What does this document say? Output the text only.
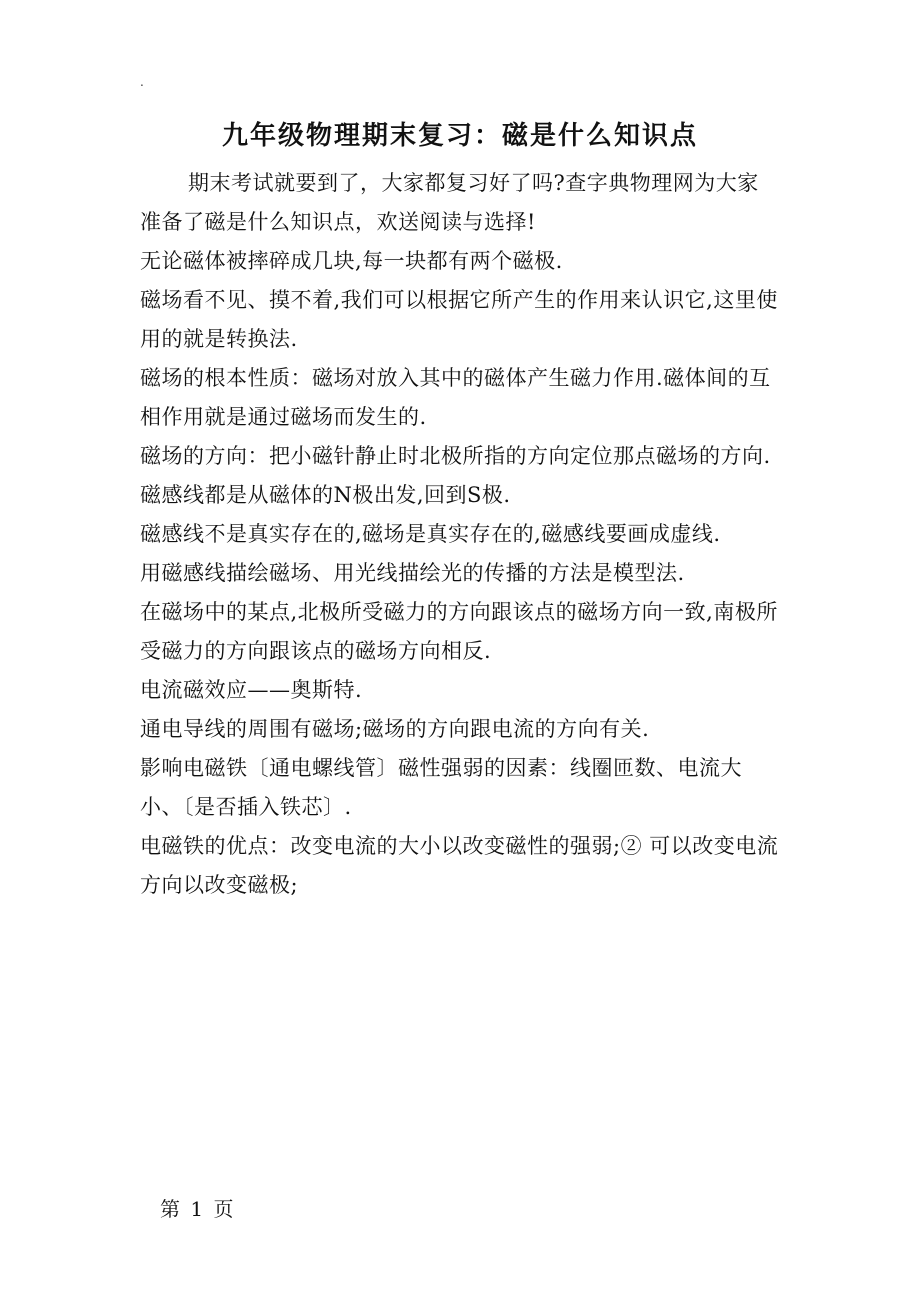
.
九年级物理期末复习：磁是什么知识点

期末考试就要到了，大家都复习好了吗?查字典物理网为大家准备了磁是什么知识点，欢送阅读与选择!

无论磁体被摔碎成几块,每一块都有两个磁极.

磁场看不见、摸不着,我们可以根据它所产生的作用来认识它,这里使用的就是转换法.

磁场的根本性质：磁场对放入其中的磁体产生磁力作用.磁体间的互相作用就是通过磁场而发生的.

磁场的方向：把小磁针静止时北极所指的方向定位那点磁场的方向.

磁感线都是从磁体的N极出发,回到S极.

磁感线不是真实存在的,磁场是真实存在的,磁感线要画成虚线.

用磁感线描绘磁场、用光线描绘光的传播的方法是模型法.

在磁场中的某点,北极所受磁力的方向跟该点的磁场方向一致,南极所受磁力的方向跟该点的磁场方向相反.

电流磁效应——奥斯特.

通电导线的周围有磁场;磁场的方向跟电流的方向有关.

影响电磁铁〔通电螺线管〕磁性强弱的因素：线圈匝数、电流大小、〔是否插入铁芯〕.

电磁铁的优点：改变电流的大小以改变磁性的强弱;② 可以改变电流方向以改变磁极;

第 1 页
